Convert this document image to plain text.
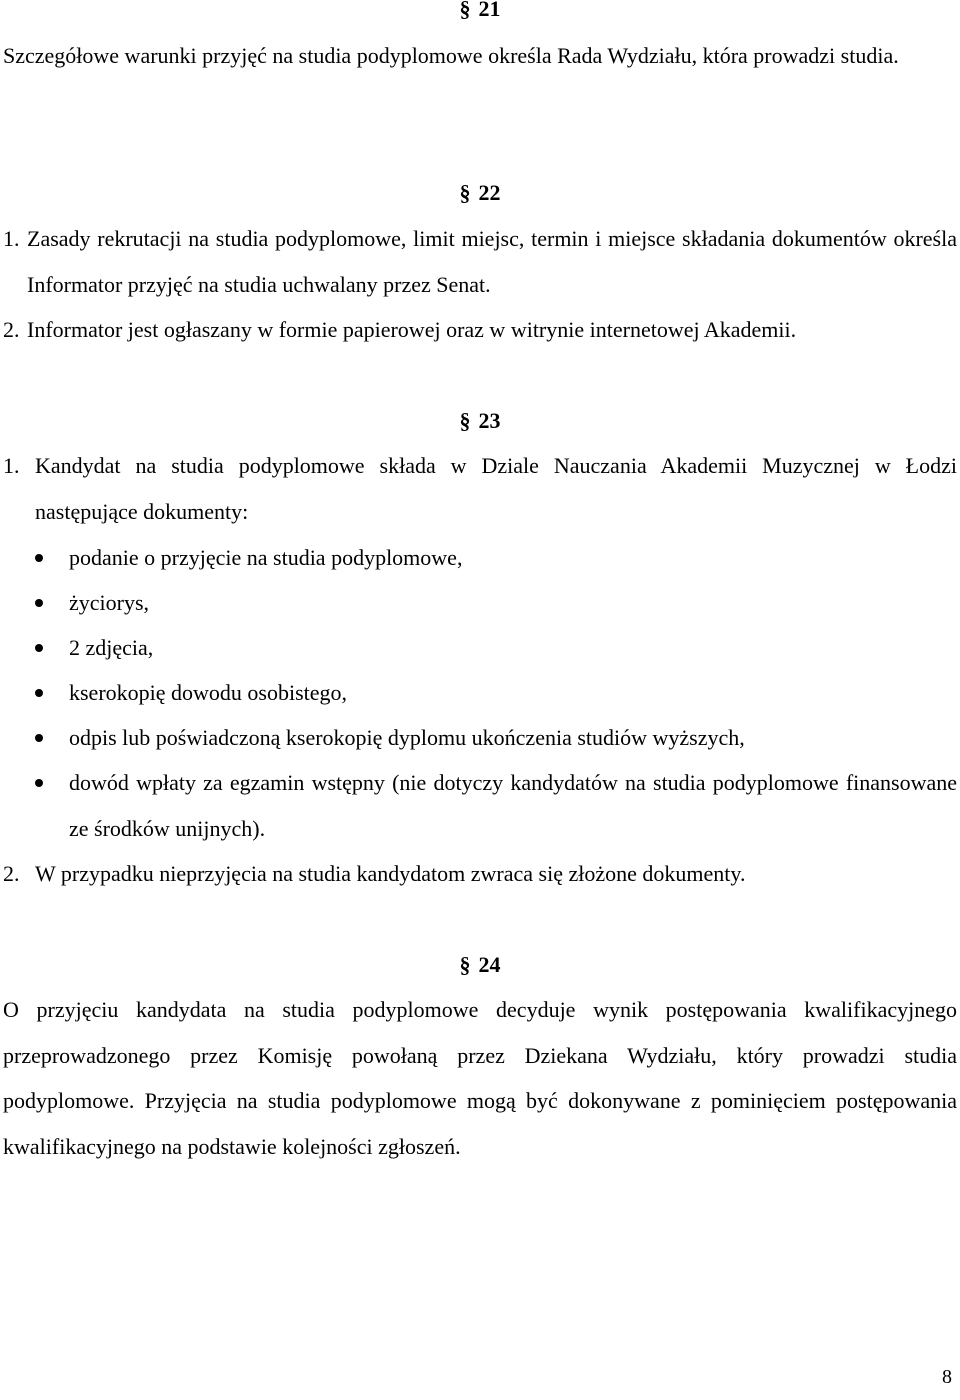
§ 21
Szczegółowe warunki przyjęć na studia podyplomowe określa Rada Wydziału, która prowadzi studia.
§ 22
1. Zasady rekrutacji na studia podyplomowe, limit miejsc, termin i miejsce składania dokumentów określa Informator przyjęć na studia uchwalany przez Senat.
2. Informator jest ogłaszany w formie papierowej oraz w witrynie internetowej Akademii.
§ 23
1. Kandydat na studia podyplomowe składa w Dziale Nauczania Akademii Muzycznej w Łodzi następujące dokumenty:
podanie o przyjęcie na studia podyplomowe,
życiorys,
2 zdjęcia,
kserokopię dowodu osobistego,
odpis lub poświadczoną kserokopię dyplomu ukończenia studiów wyższych,
dowód wpłaty za egzamin wstępny (nie dotyczy kandydatów na studia podyplomowe finansowane ze środków unijnych).
2. W przypadku nieprzyjęcia na studia kandydatom zwraca się złożone dokumenty.
§ 24
O przyjęciu kandydata na studia podyplomowe decyduje wynik postępowania kwalifikacyjnego przeprowadzonego przez Komisję powołaną przez Dziekana Wydziału, który prowadzi studia podyplomowe. Przyjęcia na studia podyplomowe mogą być dokonywane z pominięciem postępowania kwalifikacyjnego na podstawie kolejności zgłoszeń.
8
